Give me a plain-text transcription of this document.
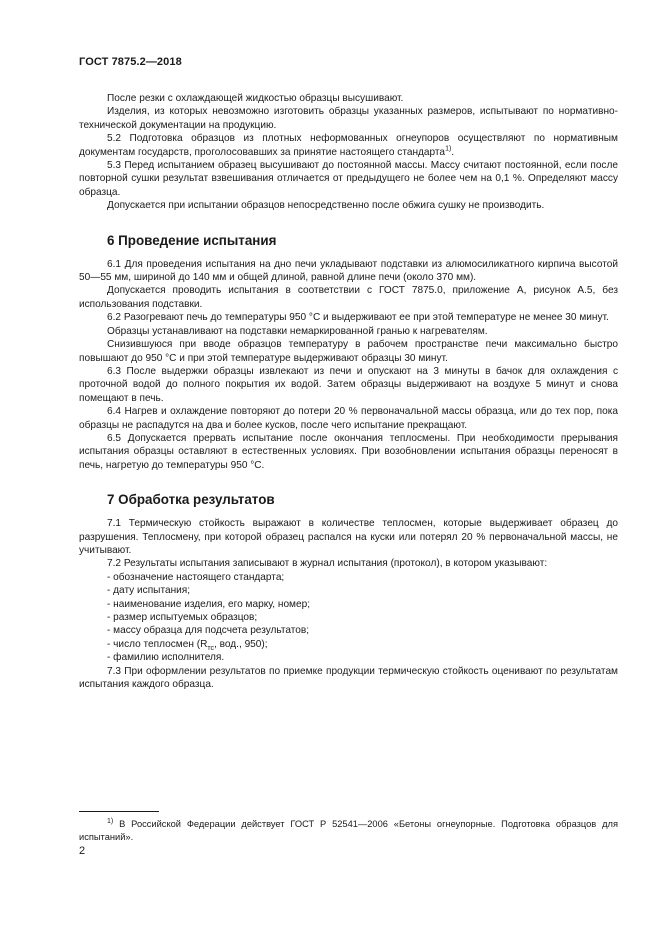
ГОСТ 7875.2—2018

После резки с охлаждающей жидкостью образцы высушивают.

Изделия, из которых невозможно изготовить образцы указанных размеров, испытывают по нормативно-технической документации на продукцию.

5.2 Подготовка образцов из плотных неформованных огнеупоров осуществляют по нормативным документам государств, проголосовавших за принятие настоящего стандарта$^{1)}$.

5.3 Перед испытанием образец высушивают до постоянной массы. Массу считают постоянной, если после повторной сушки результат взвешивания отличается от предыдущего не более чем на 0,1 %. Определяют массу образца.

Допускается при испытании образцов непосредственно после обжига сушку не производить.

6 Проведение испытания

6.1 Для проведения испытания на дно печи укладывают подставки из алюмосиликатного кирпича высотой 50—55 мм, шириной до 140 мм и общей длиной, равной длине печи (около 370 мм).

Допускается проводить испытания в соответствии с ГОСТ 7875.0, приложение А, рисунок А.5, без использования подставки.

6.2 Разогревают печь до температуры 950 °С и выдерживают ее при этой температуре не менее 30 минут.

Образцы устанавливают на подставки немаркированной гранью к нагревателям.

Снизившуюся при вводе образцов температуру в рабочем пространстве печи максимально быстро повышают до 950 °С и при этой температуре выдерживают образцы 30 минут.

6.3 После выдержки образцы извлекают из печи и опускают на 3 минуты в бачок для охлаждения с проточной водой до полного покрытия их водой. Затем образцы выдерживают на воздухе 5 минут и снова помещают в печь.

6.4 Нагрев и охлаждение повторяют до потери 20 % первоначальной массы образца, или до тех пор, пока образцы не распадутся на два и более кусков, после чего испытание прекращают.

6.5 Допускается прервать испытание после окончания теплосмены. При необходимости прерывания испытания образцы оставляют в естественных условиях. При возобновлении испытания образцы переносят в печь, нагретую до температуры 950 °С.

7 Обработка результатов

7.1 Термическую стойкость выражают в количестве теплосмен, которые выдерживает образец до разрушения. Теплосмену, при которой образец распался на куски или потерял 20 % первоначальной массы, не учитывают.

7.2 Результаты испытания записывают в журнал испытания (протокол), в котором указывают:

- обозначение настоящего стандарта;
- дату испытания;
- наименование изделия, его марку, номер;
- размер испытуемых образцов;
- массу образца для подсчета результатов;
- число теплосмен ($R_{тс}$, вод., 950);
- фамилию исполнителя.

7.3 При оформлении результатов по приемке продукции термическую стойкость оценивают по результатам испытания каждого образца.

$^{1)}$ В Российской Федерации действует ГОСТ Р 52541—2006 «Бетоны огнеупорные. Подготовка образцов для испытаний».

2
